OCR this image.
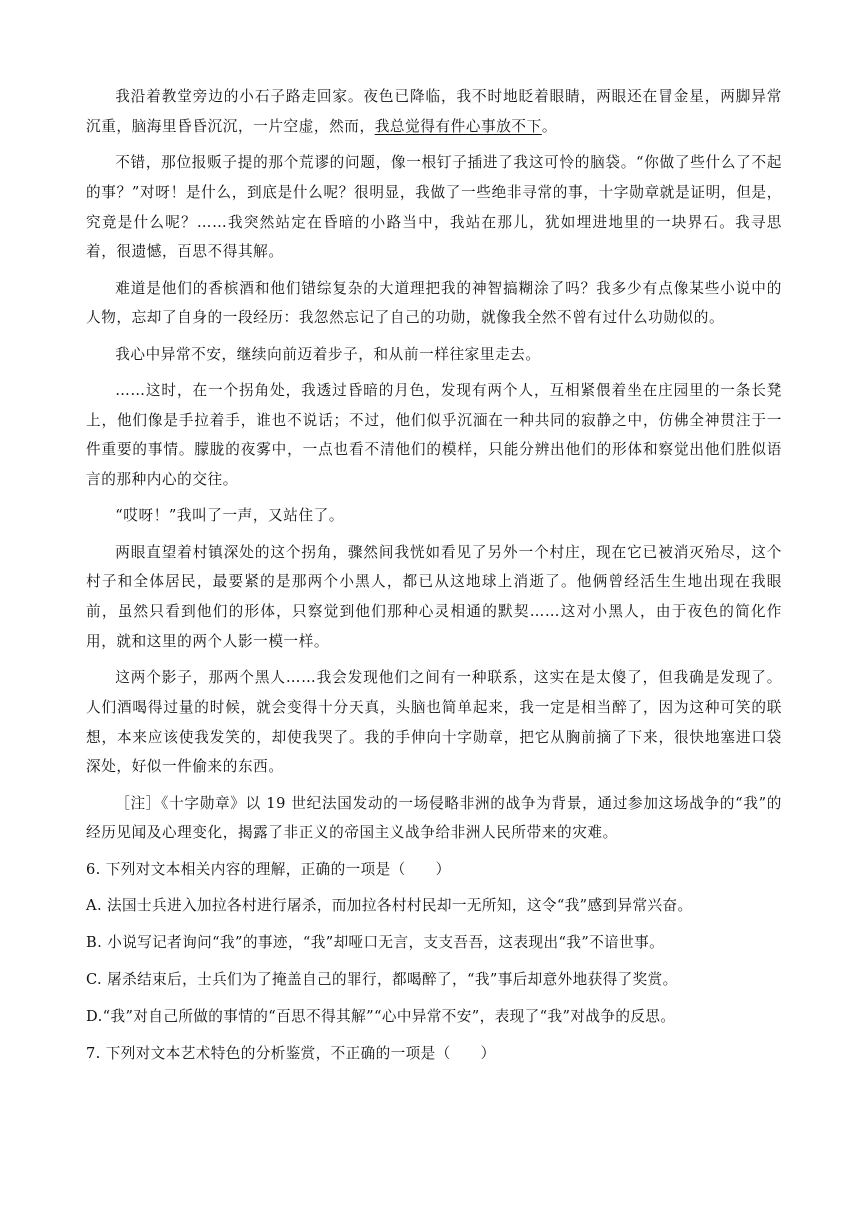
我沿着教堂旁边的小石子路走回家。夜色已降临，我不时地眨着眼睛，两眼还在冒金星，两脚异常沉重，脑海里昏昏沉沉，一片空虚，然而，我总觉得有件心事放不下。

不错，那位报贩子提的那个荒谬的问题，像一根钉子插进了我这可怜的脑袋。“你做了些什么了不起的事？”对呀！是什么，到底是什么呢？很明显，我做了一些绝非寻常的事，十字勋章就是证明，但是，究竟是什么呢？……我突然站定在昏暗的小路当中，我站在那儿，犹如埋进地里的一块界石。我寻思着，很遗憾，百思不得其解。

难道是他们的香槟酒和他们错综复杂的大道理把我的神智搞糊涂了吗？我多少有点像某些小说中的人物，忘却了自身的一段经历：我忽然忘记了自己的功勋，就像我全然不曾有过什么功勋似的。

我心中异常不安，继续向前迈着步子，和从前一样往家里走去。

……这时，在一个拐角处，我透过昏暗的月色，发现有两个人，互相紧偎着坐在庄园里的一条长凳上，他们像是手拉着手，谁也不说话；不过，他们似乎沉湎在一种共同的寂静之中，仿佛全神贯注于一件重要的事情。朦胧的夜雾中，一点也看不清他们的模样，只能分辨出他们的形体和察觉出他们胜似语言的那种内心的交往。

“哎呀！”我叫了一声，又站住了。

两眼直望着村镇深处的这个拐角，骤然间我恍如看见了另外一个村庄，现在它已被消灭殆尽，这个村子和全体居民，最要紧的是那两个小黑人，都已从这地球上消逝了。他俩曾经活生生地出现在我眼前，虽然只看到他们的形体，只察觉到他们那种心灵相通的默契……这对小黑人，由于夜色的简化作用，就和这里的两个人影一模一样。

这两个影子，那两个黑人……我会发现他们之间有一种联系，这实在是太傻了，但我确是发现了。人们酒喝得过量的时候，就会变得十分天真，头脑也简单起来，我一定是相当醉了，因为这种可笑的联想，本来应该使我发笑的，却使我哭了。我的手伸向十字勋章，把它从胸前摘了下来，很快地塞进口袋深处，好似一件偷来的东西。

［注］《十字勋章》以 19 世纪法国发动的一场侵略非洲的战争为背景，通过参加这场战争的“我”的经历见闻及心理变化，揭露了非正义的帝国主义战争给非洲人民所带来的灾难。

6. 下列对文本相关内容的理解，正确的一项是（　　）

A. 法国士兵进入加拉各村进行屠杀，而加拉各村村民却一无所知，这令“我”感到异常兴奋。

B. 小说写记者询问“我”的事迹，“我”却哑口无言，支支吾吾，这表现出“我”不谙世事。

C. 屠杀结束后，士兵们为了掩盖自己的罪行，都喝醉了，“我”事后却意外地获得了奖赏。

D.“我”对自己所做的事情的“百思不得其解”“心中异常不安”，表现了“我”对战争的反思。

7. 下列对文本艺术特色的分析鉴赏，不正确的一项是（　　）
